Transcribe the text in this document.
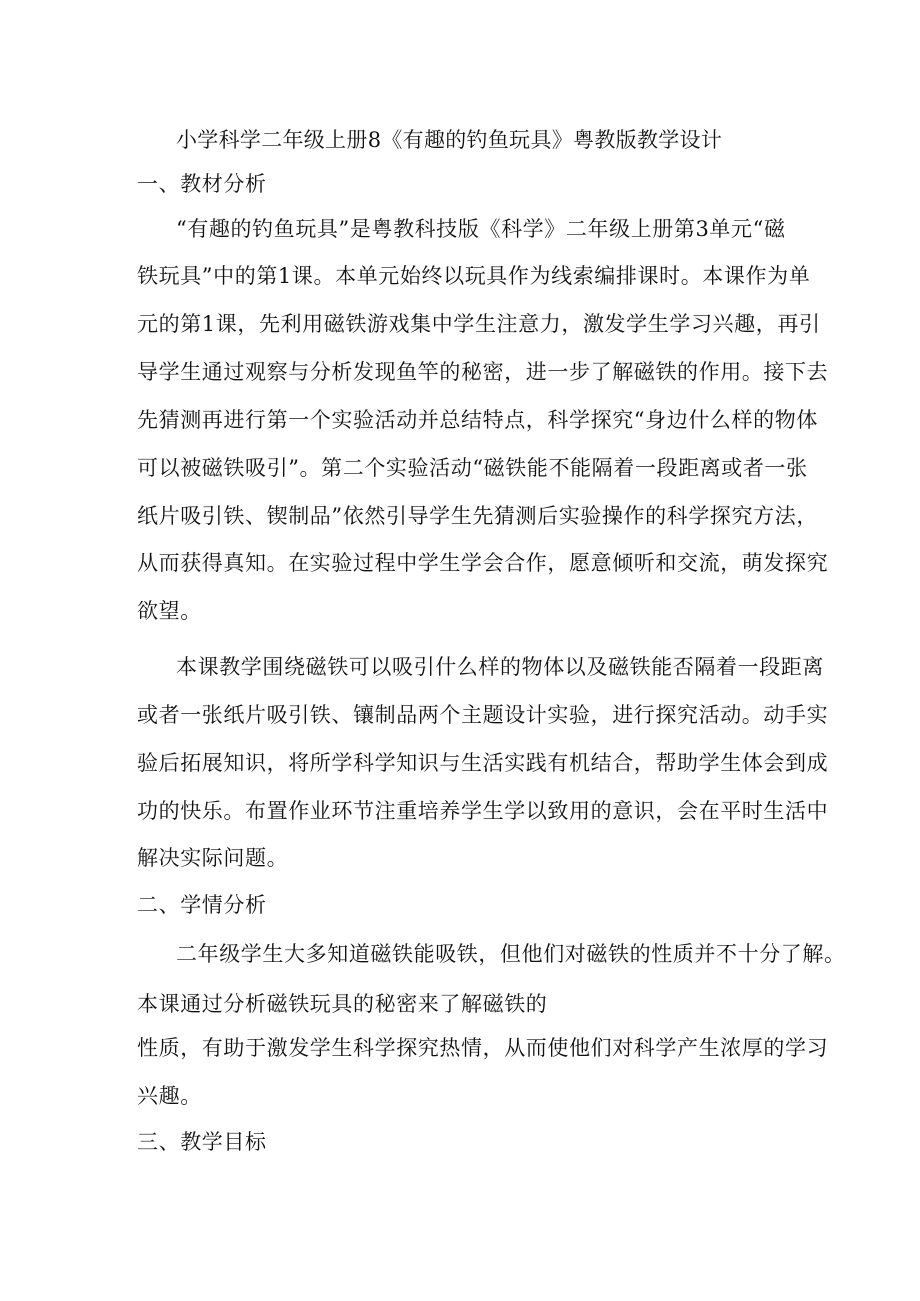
小学科学二年级上册8《有趣的钓鱼玩具》粤教版教学设计
一、教材分析
“有趣的钓鱼玩具”是粤教科技版《科学》二年级上册第3单元“磁
铁玩具”中的第1课。本单元始终以玩具作为线索编排课时。本课作为单
元的第1课，先利用磁铁游戏集中学生注意力，激发学生学习兴趣，再引
导学生通过观察与分析发现鱼竿的秘密，进一步了解磁铁的作用。接下去
先猜测再进行第一个实验活动并总结特点，科学探究“身边什么样的物体
可以被磁铁吸引”。第二个实验活动“磁铁能不能隔着一段距离或者一张
纸片吸引铁、锲制品”依然引导学生先猜测后实验操作的科学探究方法，
从而获得真知。在实验过程中学生学会合作，愿意倾听和交流，萌发探究
欲望。
本课教学围绕磁铁可以吸引什么样的物体以及磁铁能否隔着一段距离
或者一张纸片吸引铁、镶制品两个主题设计实验，进行探究活动。动手实
验后拓展知识，将所学科学知识与生活实践有机结合，帮助学生体会到成
功的快乐。布置作业环节注重培养学生学以致用的意识，会在平时生活中
解决实际问题。
二、学情分析
二年级学生大多知道磁铁能吸铁，但他们对磁铁的性质并不十分了解。
本课通过分析磁铁玩具的秘密来了解磁铁的
性质，有助于激发学生科学探究热情，从而使他们对科学产生浓厚的学习
兴趣。
三、教学目标
